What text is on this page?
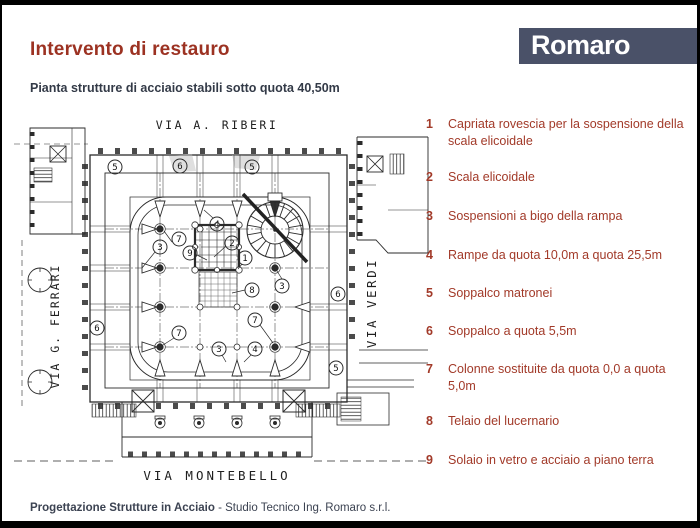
Intervento di restauro
Pianta strutture di acciaio stabili sotto quota 40,50m
Romaro
5	6	5
4
2
9	1
8	3
3
7
6	7
7
3	4
6
5
VIA A. RIBERI
VIA MONTEBELLO
VIA G. FERRARI	VIA VERDI
1 Capriata rovescia per la sospensione della scala elicoidale
2 Scala elicoidale
3 Sospensioni a bigo della rampa
4 Rampe da quota 10,0m a quota 25,5m
5 Soppalco matronei
6 Soppalco a quota 5,5m
7 Colonne sostituite da quota 0,0 a quota 5,0m
8 Telaio del lucernario
9 Solaio in vetro e acciaio a piano terra
Progettazione Strutture in Acciaio - Studio Tecnico Ing. Romaro s.r.l.
